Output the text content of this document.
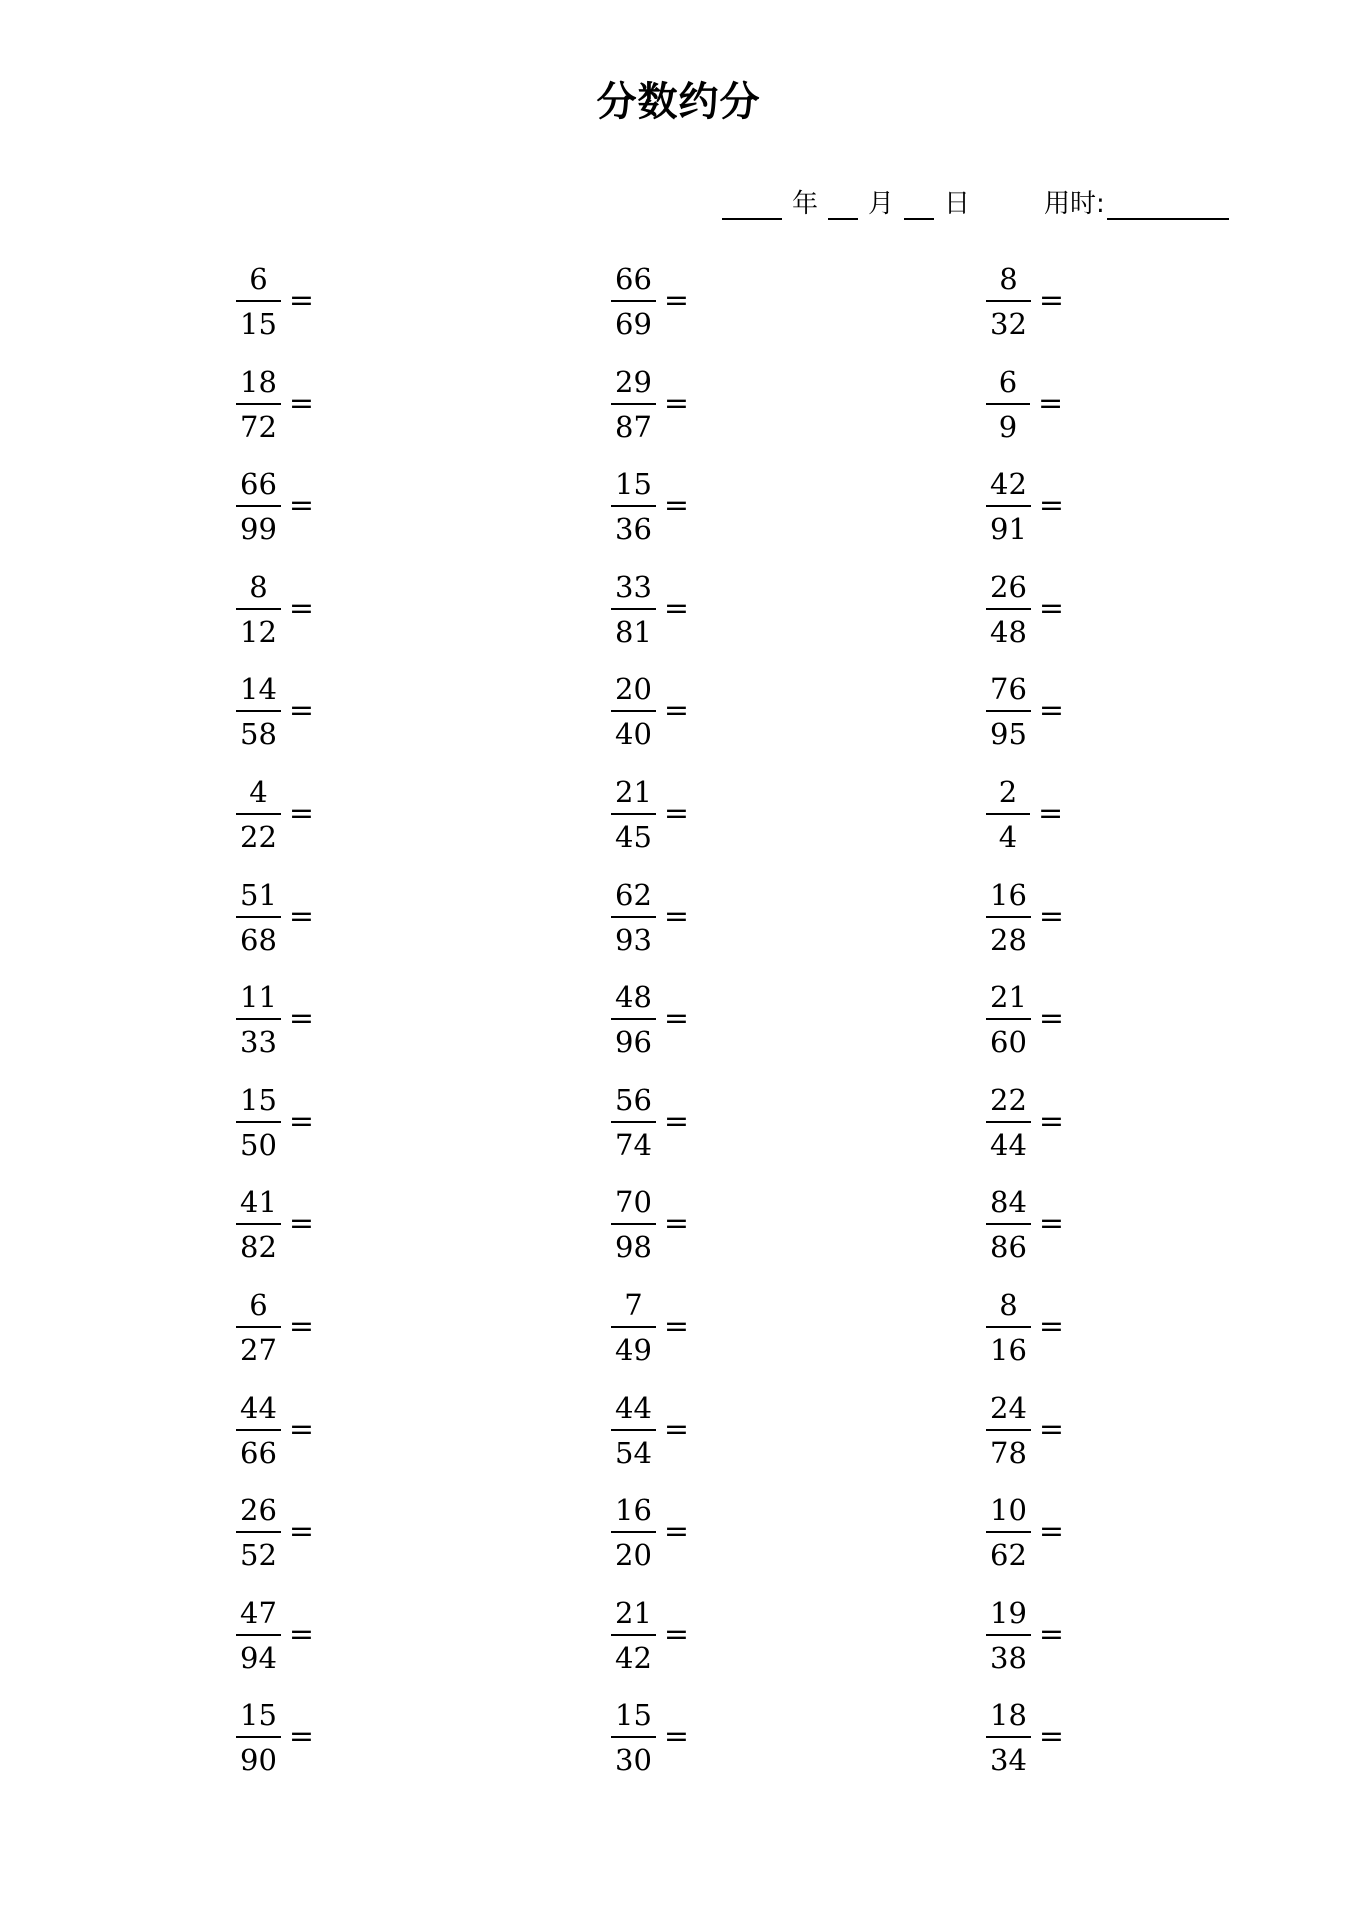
分数约分
年 月 日	用时:
$\frac{6}{15}$ =
$\frac{18}{72}$ =
$\frac{66}{99}$ =
$\frac{8}{12}$ =
$\frac{14}{58}$ =
$\frac{4}{22}$ =
$\frac{51}{68}$ =
$\frac{11}{33}$ =
$\frac{15}{50}$ =
$\frac{41}{82}$ =
$\frac{6}{27}$ =
$\frac{44}{66}$ =
$\frac{26}{52}$ =
$\frac{47}{94}$ =
$\frac{15}{90}$ =
$\frac{66}{69}$ =
$\frac{29}{87}$ =
$\frac{15}{36}$ =
$\frac{33}{81}$ =
$\frac{20}{40}$ =
$\frac{21}{45}$ =
$\frac{62}{93}$ =
$\frac{48}{96}$ =
$\frac{56}{74}$ =
$\frac{70}{98}$ =
$\frac{7}{49}$ =
$\frac{44}{54}$ =
$\frac{16}{20}$ =
$\frac{21}{42}$ =
$\frac{15}{30}$ =
$\frac{8}{32}$ =
$\frac{6}{9}$ =
$\frac{42}{91}$ =
$\frac{26}{48}$ =
$\frac{76}{95}$ =
$\frac{2}{4}$ =
$\frac{16}{28}$ =
$\frac{21}{60}$ =
$\frac{22}{44}$ =
$\frac{84}{86}$ =
$\frac{8}{16}$ =
$\frac{24}{78}$ =
$\frac{10}{62}$ =
$\frac{19}{38}$ =
$\frac{18}{34}$ =
